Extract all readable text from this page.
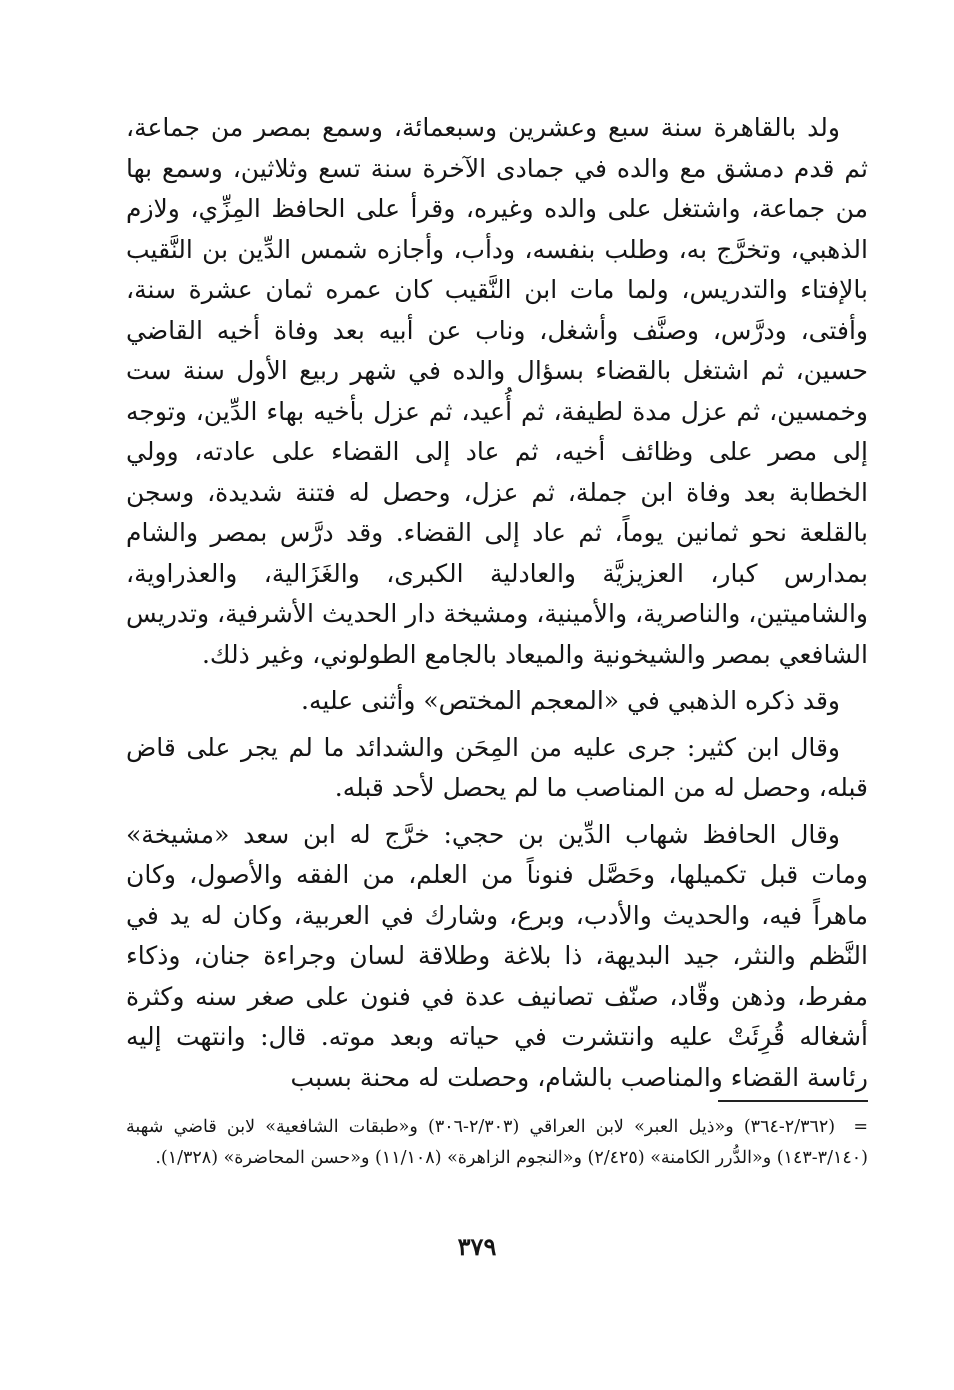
ولد بالقاهرة سنة سبع وعشرين وسبعمائة، وسمع بمصر من جماعة، ثم قدم دمشق مع والده في جمادى الآخرة سنة تسع وثلاثين، وسمع بها من جماعة، واشتغل على والده وغيره، وقرأ على الحافظ المِزِّي، ولازم الذهبي، وتخرَّج به، وطلب بنفسه، ودأب، وأجازه شمس الدِّين بن النَّقيب بالإفتاء والتدريس، ولما مات ابن النَّقيب كان عمره ثمان عشرة سنة، وأفتى، ودرَّس، وصنَّف وأشغل، وناب عن أبيه بعد وفاة أخيه القاضي حسين، ثم اشتغل بالقضاء بسؤال والده في شهر ربيع الأول سنة ست وخمسين، ثم عزل مدة لطيفة، ثم أُعيد، ثم عزل بأخيه بهاء الدِّين، وتوجه إلى مصر على وظائف أخيه، ثم عاد إلى القضاء على عادته، وولي الخطابة بعد وفاة ابن جملة، ثم عزل، وحصل له فتنة شديدة، وسجن بالقلعة نحو ثمانين يوماً، ثم عاد إلى القضاء. وقد درَّس بمصر والشام بمدارس كبار، العزيزيَّة والعادلية الكبرى، والغَزَالية، والعذراوية، والشاميتين، والناصرية، والأمينية، ومشيخة دار الحديث الأشرفية، وتدريس الشافعي بمصر والشيخونية والميعاد بالجامع الطولوني، وغير ذلك.

وقد ذكره الذهبي في «المعجم المختص» وأثنى عليه.

وقال ابن كثير: جرى عليه من المِحَن والشدائد ما لم يجر على قاض قبله، وحصل له من المناصب ما لم يحصل لأحد قبله.

وقال الحافظ شهاب الدِّين بن حجي: خرَّج له ابن سعد «مشيخة» ومات قبل تكميلها، وحَصَّل فنوناً من العلم، من الفقه والأصول، وكان ماهراً فيه، والحديث والأدب، وبرع، وشارك في العربية، وكان له يد في النَّظم والنثر، جيد البديهة، ذا بلاغة وطلاقة لسان وجراءة جنان، وذكاء مفرط، وذهن وقّاد، صنّف تصانيف عدة في فنون على صغر سنه وكثرة أشغاله قُرِئَتْ عليه وانتشرت في حياته وبعد موته. قال: وانتهت إليه رئاسة القضاء والمناصب بالشام، وحصلت له محنة بسبب

= (٢/٣٦٢-٣٦٤) و«ذيل العبر» لابن العراقي (٢/٣٠٣-٣٠٦) و«طبقات الشافعية» لابن قاضي شهبة (٣/١٤٠-١٤٣) و«الدُّرر الكامنة» (٢/٤٢٥) و«النجوم الزاهرة» (١١/١٠٨) و«حسن المحاضرة» (١/٣٢٨).
٣٧٩
